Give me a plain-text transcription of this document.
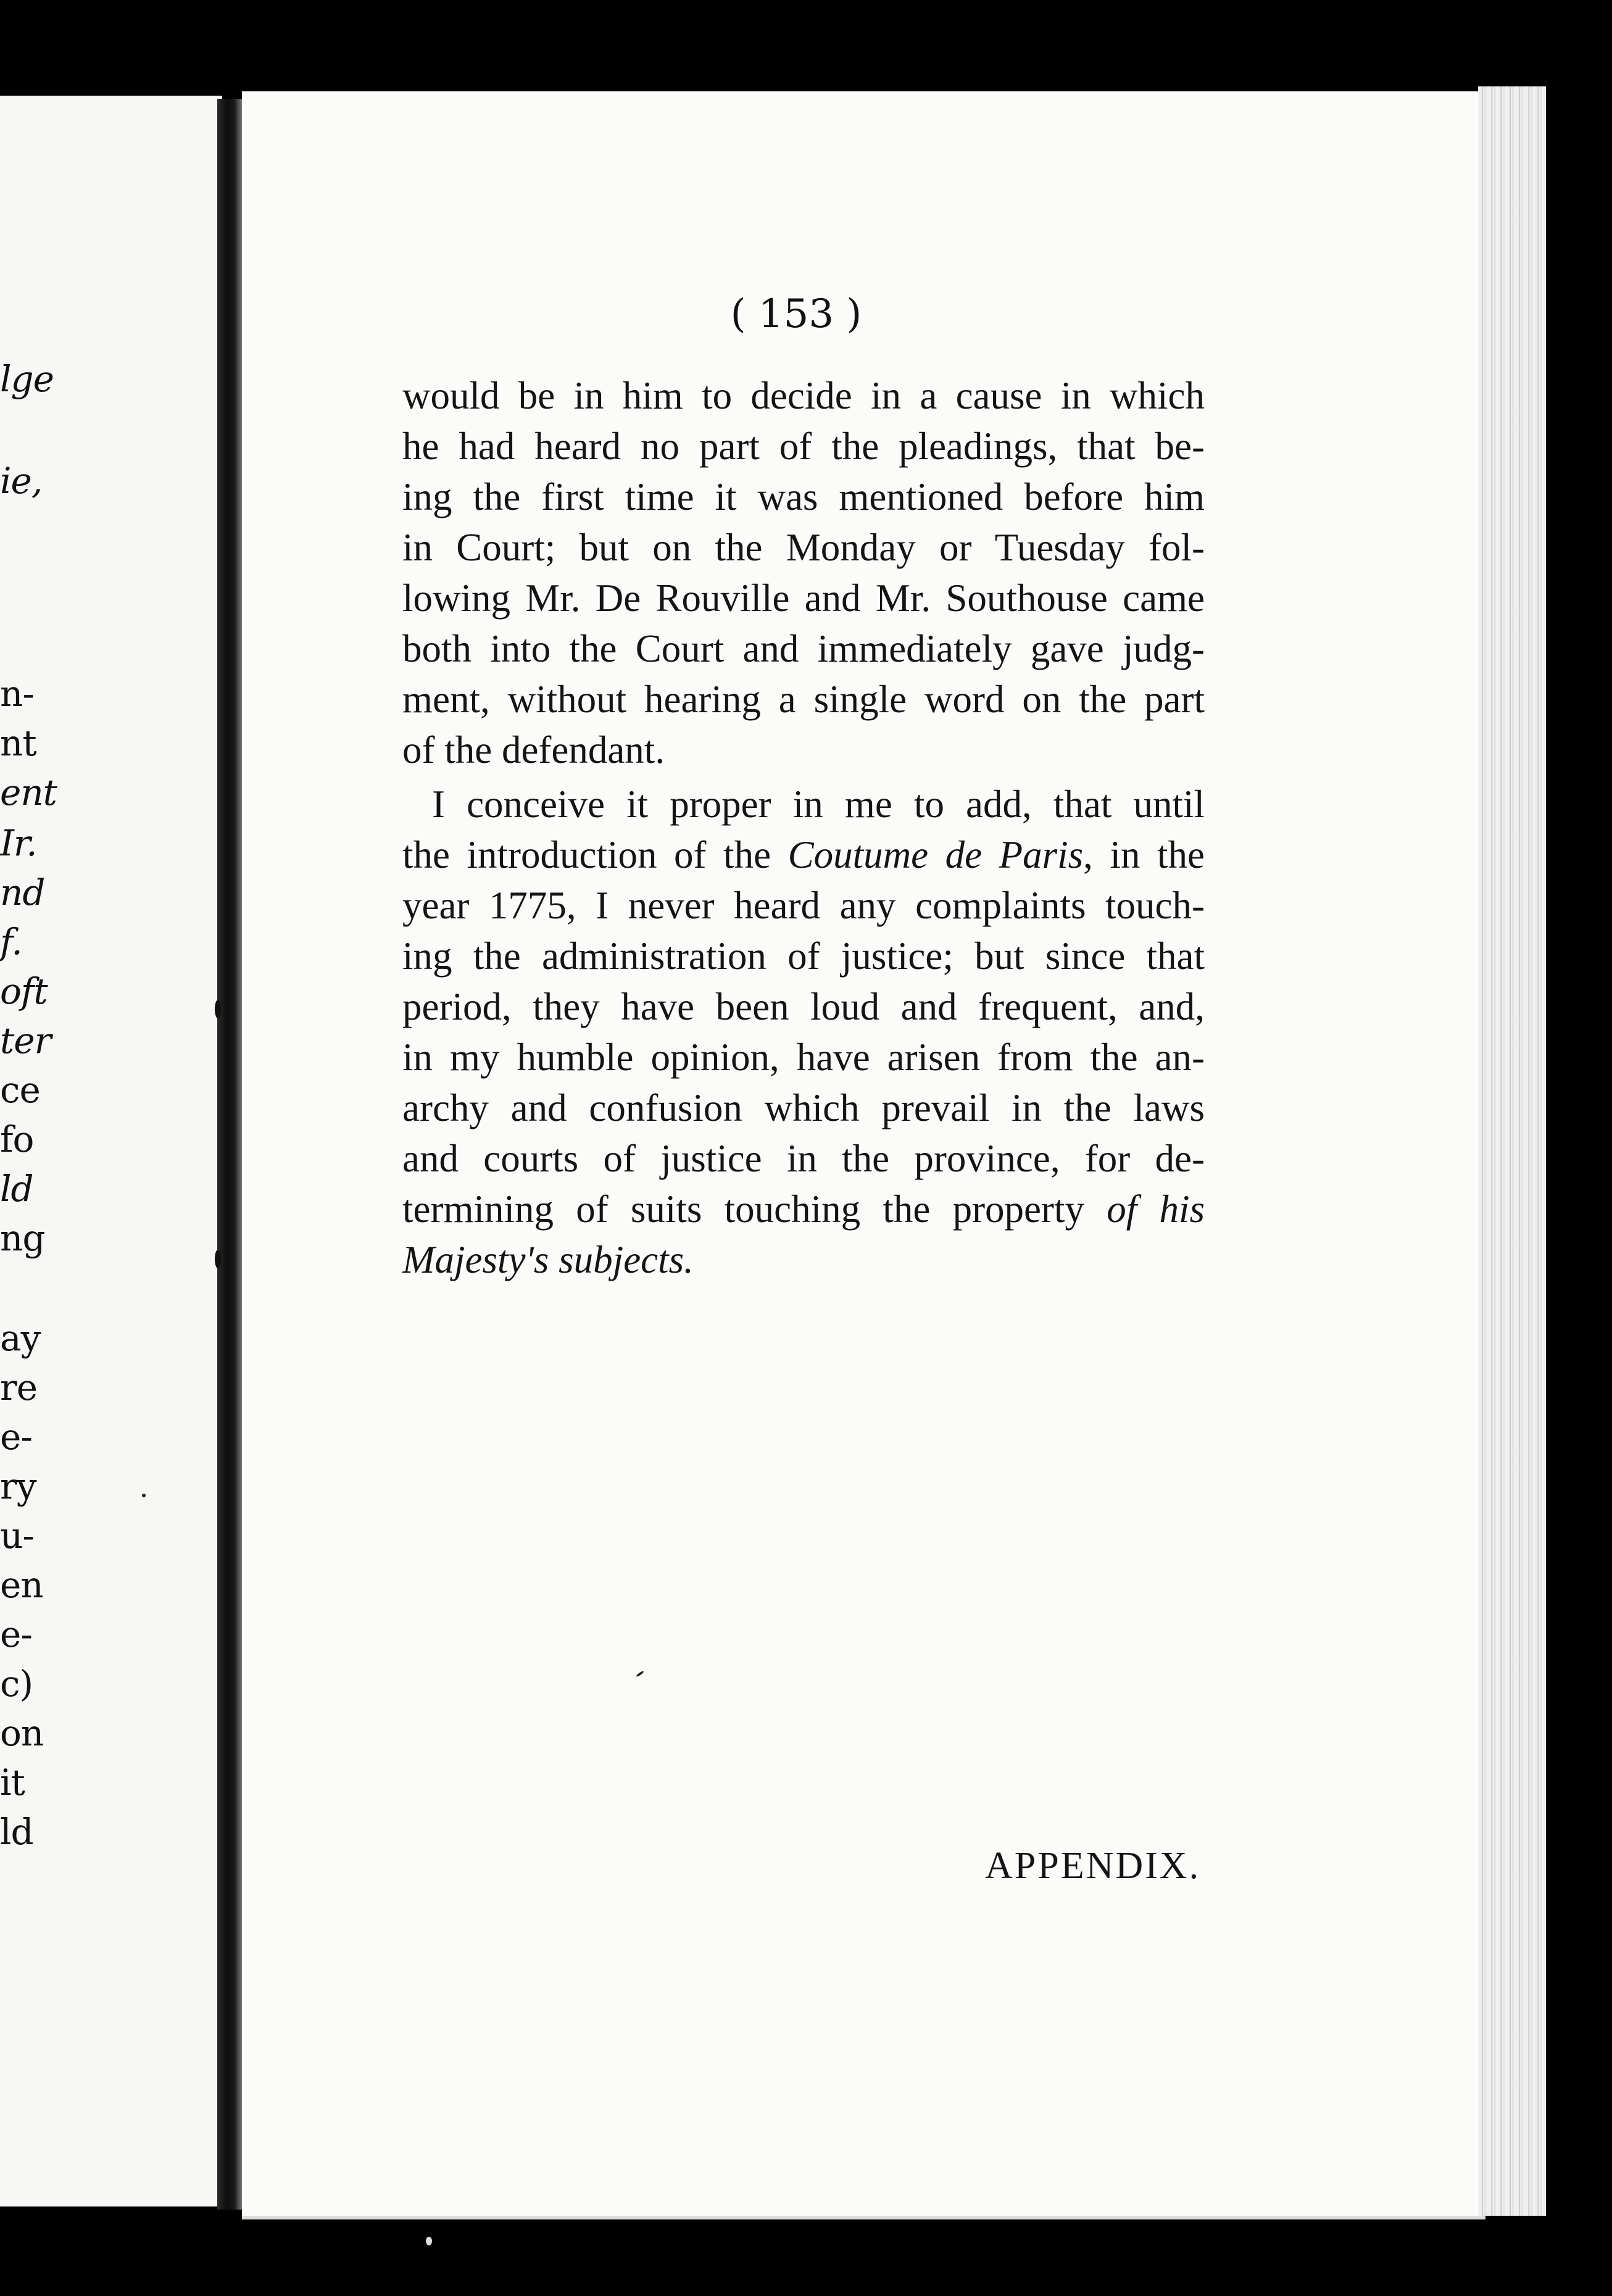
lge
ie,
n-
nt
ent
Ir.
nd
f.
oft
ter
ce
fo
ld
ng
ay
re
e-
ry
u-
en
e-
c)
on
it
ld
( 153 )
would be in him to decide in a cause in which
he had heard no part of the pleadings, that be-
ing the first time it was mentioned before him
in Court; but on the Monday or Tuesday fol-
lowing Mr. De Rouville and Mr. Southouse came
both into the Court and immediately gave judg-
ment, without hearing a single word on the part
of the defendant.
I conceive it proper in me to add, that until
the introduction of the Coutume de Paris, in the
year 1775, I never heard any complaints touch-
ing the administration of justice; but since that
period, they have been loud and frequent, and,
in my humble opinion, have arisen from the an-
archy and confusion which prevail in the laws
and courts of justice in the province, for de-
termining of suits touching the property of his
Majesty's subjects.
APPENDIX.
